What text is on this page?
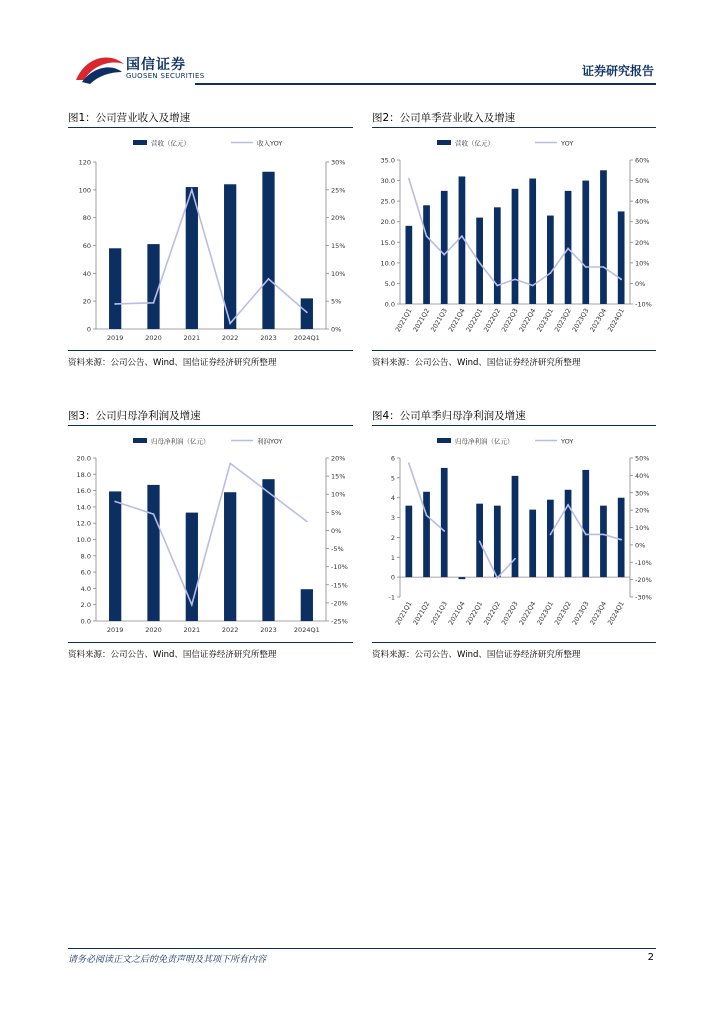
国信证券
GUOSEN SECURITIES	证券研究报告
图1：公司营业收入及增速
0
20
40
60
80
100
120
0%
5%
10%
15%
20%
25%
30%
2019	2020	2021	2022	2023	2024Q1
营收（亿元）	收入YOY
资料来源：公司公告、Wind、国信证券经济研究所整理
图2：公司单季营业收入及增速
0.0
5.0
10.0
15.0
20.0
25.0
30.0
35.0
-10%
0%
10%
20%
30%
40%
50%
60%
2021Q1
2021Q2
2021Q3
2021Q4
2022Q1
2022Q2
2022Q3
2022Q4
2023Q1
2023Q2
2023Q3
2023Q4
2024Q1
营收（亿元）	YOY
资料来源：公司公告、Wind、国信证券经济研究所整理
图3：公司归母净利润及增速
0.0
2.0
4.0
6.0
8.0
10.0
12.0
14.0
16.0
18.0
20.0
-25%
-20%
-15%
-10%
-5%
0%
5%
10%
15%
20%
2019	2020	2021	2022	2023	2024Q1
归母净利润（亿元）	利润YOY
资料来源：公司公告、Wind、国信证券经济研究所整理
图4：公司单季归母净利润及增速
-1
0
1
2
3
4
5
6
-30%
-20%
-10%
0%
10%
20%
30%
40%
50%
2021Q1
2021Q2
2021Q3
2021Q4
2022Q1
2022Q2
2022Q3
2022Q4
2023Q1
2023Q2
2023Q3
2023Q4
2024Q1
归母净利润（亿元）	YOY
资料来源：公司公告、Wind、国信证券经济研究所整理
请务必阅读正文之后的免责声明及其项下所有内容	2
